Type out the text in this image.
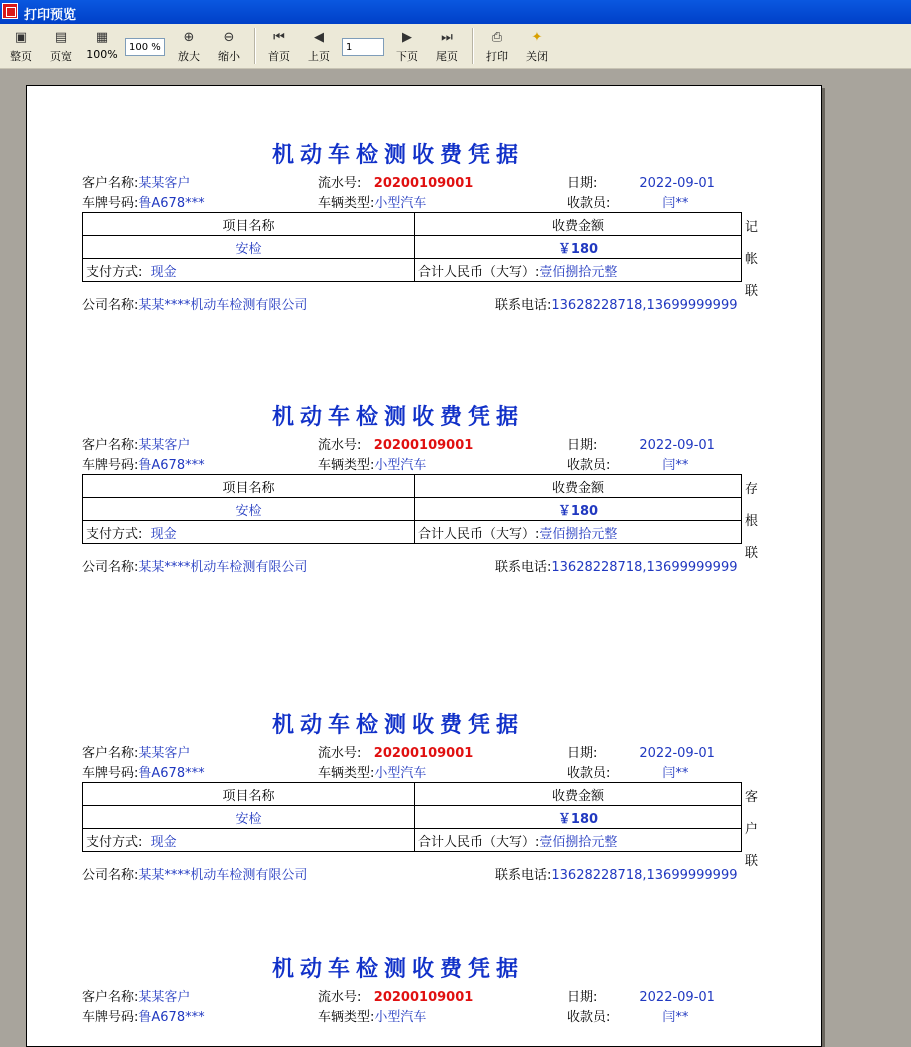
打印预览
▣
整页
▤
页宽
▦
100%
100 %
⊕
放大
⊖
缩小
⏮
首页
◀
上页
1
▶
下页
⏭
尾页
⎙
打印
✦
关闭
机动车检测收费凭据
客户名称:某某客户	流水号: 20200109001	日期:	2022-09-01
车牌号码:鲁A678***	车辆类型:小型汽车	收款员:	闫**
项目名称	收费金额
安检	￥180
支付方式: 现金	合计人民币（大写）:壹佰捌拾元整
记
帐
联
公司名称:某某****机动车检测有限公司	联系电话:13628228718,13699999999
机动车检测收费凭据
客户名称:某某客户	流水号: 20200109001	日期:	2022-09-01
车牌号码:鲁A678***	车辆类型:小型汽车	收款员:	闫**
项目名称	收费金额
安检	￥180
支付方式: 现金	合计人民币（大写）:壹佰捌拾元整
存
根
联
公司名称:某某****机动车检测有限公司	联系电话:13628228718,13699999999
机动车检测收费凭据
客户名称:某某客户	流水号: 20200109001	日期:	2022-09-01
车牌号码:鲁A678***	车辆类型:小型汽车	收款员:	闫**
项目名称	收费金额
安检	￥180
支付方式: 现金	合计人民币（大写）:壹佰捌拾元整
客
户
联
公司名称:某某****机动车检测有限公司	联系电话:13628228718,13699999999
机动车检测收费凭据
客户名称:某某客户	流水号: 20200109001	日期:	2022-09-01
车牌号码:鲁A678***	车辆类型:小型汽车	收款员:	闫**
